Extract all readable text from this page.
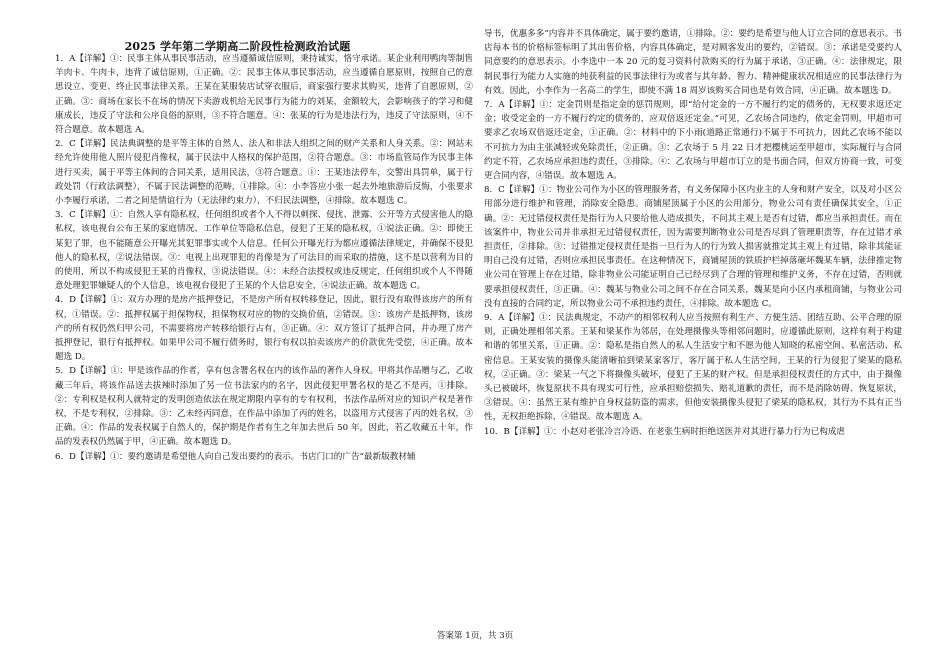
2025 学年第二学期高二阶段性检测政治试题

1．A【详解】①：民事主体从事民事活动，应当遵循诚信原则，秉持诚实，恪守承诺。某企业利用鸭肉等制售羊肉卡、牛肉卡，违背了诚信原则，①正确。②：民事主体从事民事活动，应当遵循自愿原则，按照自己的意思设立、变更、终止民事法律关系。王某在某服装店试穿衣服后，商家强行要求其购买，违背了自愿原则，②正确。③：商场在家长不在场的情况下卖游戏机给无民事行为能力的刘某，金额较大，会影响孩子的学习和健康成长，违反了守法和公序良俗的原则，③不符合题意。④：张某的行为是违法行为，违反了守法原则，④不符合题意。故本题选 A。

2．C【详解】民法典调整的是平等主体的自然人、法人和非法人组织之间的财产关系和人身关系。②：网站未经允许使用他人照片侵犯肖像权，属于民法中人格权的保护范围，②符合题意。③：市场监管局作为民事主体进行买卖，属于平等主体间的合同关系，适用民法，③符合题意。①：王某违法停车，交警出具罚单，属于行政处罚（行政法调整），不属于民法调整的范畴，①排除。④：小李答应小张一起去外地旅游后反悔，小张要求小李履行承诺，二者之间是情谊行为（无法律约束力），不归民法调整，④排除。故本题选 C。

3．C【详解】①：自然人享有隐私权，任何组织或者个人不得以刺探、侵扰、泄露、公开等方式侵害他人的隐私权，该电视台公布王某的家庭情况、工作单位等隐私信息，侵犯了王某的隐私权，①说法正确。②：即使王某犯了罪，也不能随意公开曝光其犯罪事实或个人信息。任何公开曝光行为都应遵循法律规定，并确保不侵犯他人的隐私权，②说法错误。③：电视上出现罪犯的肖像是为了可法目的而采取的措施，这不是以营利为目的的使用，所以不构成侵犯王某的肖像权，③说法错误。④：未经合法授权或违反规定，任何组织或个人不得随意处理犯罪嫌疑人的个人信息，该电视台侵犯了王某的个人信息安全，④说法正确。故本题选 C。

4．D【详解】①：双方办理的是房产抵押登记，不是房产所有权转移登记，因此，银行没有取得该房产的所有权，①错误。②：抵押权属于担保物权，担保物权对应的物的交换价值，②错误。③：该房产是抵押物，该房产的所有权仍然归甲公司，不需要将房产转移给银行占有，③正确。④：双方签订了抵押合同，并办理了房产抵押登记，银行有抵押权。如果甲公司不履行债务时，银行有权以拍卖该房产的价款优先受偿，④正确。故本题选 D。

5．D【详解】①：甲是该作品的作者，享有包含署名权在内的该作品的著作人身权。甲将其作品赠与乙，乙收藏三年后，将该作品送去拔辣时添加了另一位书法家内的名字，因此侵犯甲署名权的是乙不是丙，①排除。②：专利权是权利人就特定的发明创造依法在规定期限内享有的专有权利，书法作品所对应的知识产权是著作权，不是专利权，②排除。③：乙未经丙同意，在作品中添加了丙的姓名，以盗用方式侵害了丙的姓名权，③正确。④：作品的发表权属于自然人的，保护期是作者有生之年加去世后 50 年，因此，若乙收藏五十年，作品的发表权仍然属于甲，④正确。故本题选 D。

6．D【详解】①：要约邀请是希望他人向自己发出要约的表示。书店门口的广告“最新版教材辅

导书，优惠多多”内容并不具体确定，属于要约邀请，①排除。②：要约是希望与他人订立合同的意思表示。书店每本书的价格标签标明了其出售价格，内容具体确定，是对顾客发出的要约，②错误。③：承诺是受要约人同意要约的意思表示。小李选中一本 20 元的复习资料付款购买的行为属于承诺，③正确。④：法律规定，限制民事行为能力人实施的纯获利益的民事法律行为或者与其年龄、智力、精神健康状况相适应的民事法律行为有效。因此，小李作为一名高二的学生，即使不满 18 周岁该购买合同也是有效合同，④正确。故本题选 D。

7．A【详解】①：定金罚则是指定金的惩罚规则，即“给付定金的一方不履行约定的债务的，无权要求返还定金；收受定金的一方不履行约定的债务的，应双倍返还定金。”可见，乙农场合同违约，依定金罚则，甲超市可要求乙农场双倍返还定金，①正确。②：材料中的下小雨(道路正常通行)不属于不可抗力，因此乙农场不能以不可抗力为由主张减轻或免除责任，②正确。③：乙农场于 5 月 22 日才把樱桃运至甲超市，实际履行与合同约定不符，乙农场应承担违约责任，③排除。④：乙农场与甲超市订立的是书面合同，但双方协商一致，可变更合同内容，④错误。故本题选 A。

8．C【详解】①：物业公司作为小区的管理服务者，有义务保障小区内业主的人身和财产安全，以及对小区公用部分进行维护和管理，消除安全隐患。商铺屋顶属于小区的公用部分，物业公司有责任确保其安全，①正确。②：无过错侵权责任是指行为人只要给他人造成损失，不问其主观上是否有过错，都应当承担责任。而在该案件中，物业公司并非承担无过错侵权责任，因为需要判断物业公司是否尽到了管理职责等，存在过错才承担责任，②排除。③：过错推定侵权责任是指一旦行为人的行为致人损害就推定其主观上有过错，除非其能证明自己没有过错，否则应承担民事责任。在这种情况下，商铺屋顶的铁质护栏掉落砸坏魏某车辆，法律推定物业公司在管理上存在过错，除非物业公司能证明自己已经尽到了合理的管理和维护义务，不存在过错，否则就要承担侵权责任，③正确。④：魏某与物业公司之间不存在合同关系，魏某是向小区内承租商铺，与物业公司没有直接的合同约定，所以物业公司不承担违约责任，④排除。故本题选 C。

9．A【详解】①：民法典规定，不动产的相邻权利人应当按照有利生产、方便生活、团结互助、公平合理的原则，正确处理相邻关系。王某和梁某作为邻居，在处理摄像头等相邻问题时，应遵循此原则，这样有利于构建和谐的邻里关系，①正确。②：隐私是指自然人的私人生活安宁和不愿为他人知晓的私密空间、私密活动、私密信息。王某安装的摄像头能清晰拍到梁某家客厅，客厅属于私人生活空间，王某的行为侵犯了梁某的隐私权，②正确。③：梁某一气之下将摄像头破坏，侵犯了王某的财产权。但是承担侵权责任的方式中，由于摄像头已被破坏，恢复原状不具有现实可行性，应承担赔偿损失、赔礼道歉的责任，而不是消除妨碍、恢复原状，③错误。④：虽然王某有维护自身权益防盗的需求，但他安装摄像头侵犯了梁某的隐私权，其行为不具有正当性，无权拒绝拆除，④错误。故本题选 A。

10．B【详解】①：小赵对老张冷言冷语、在老张生病时拒绝送医并对其进行暴力行为已构成虐

答案第 1页，共 3页
